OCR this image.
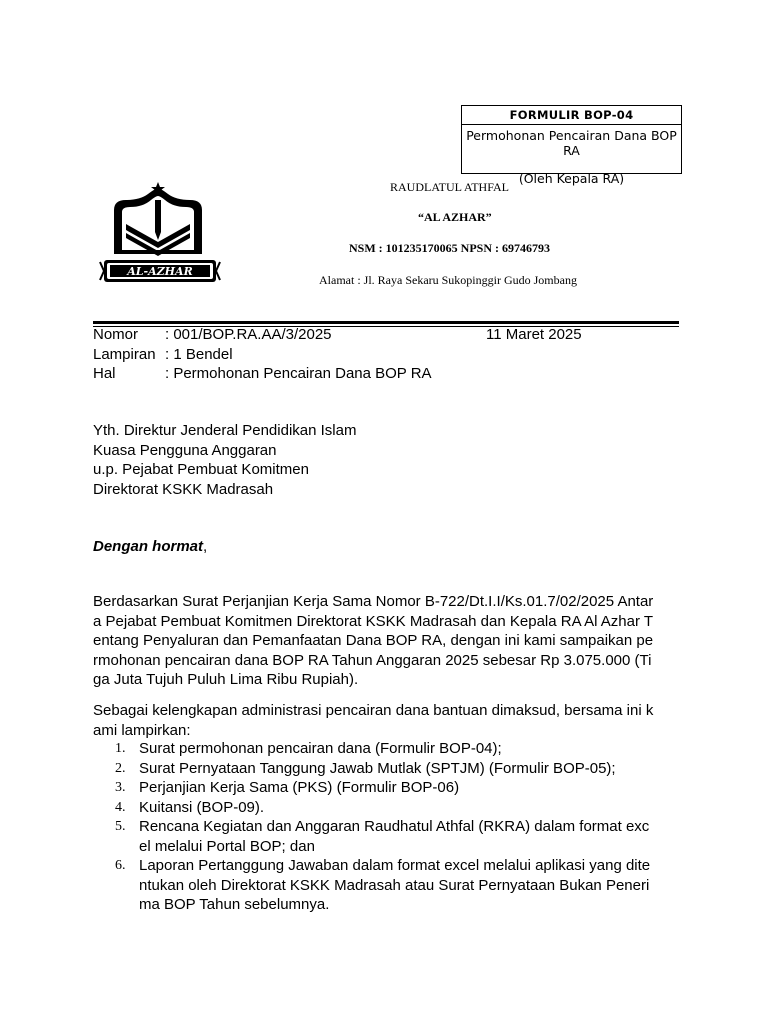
FORMULIR BOP-04
Permohonan Pencairan Dana BOP RA
(Oleh Kepala RA)
AL-AZHAR
RAUDLATUL ATHFAL
“AL AZHAR”
NSM : 101235170065 NPSN : 69746793
Alamat : Jl. Raya Sekaru Sukopinggir Gudo Jombang
Nomor	: 001/BOP.RA.AA/3/2025
Lampiran : 1 Bendel
Hal	: Permohonan Pencairan Dana BOP RA
11 Maret 2025
Yth. Direktur Jenderal Pendidikan Islam
Kuasa Pengguna Anggaran
u.p. Pejabat Pembuat Komitmen
Direktorat KSKK Madrasah
Dengan hormat,
Berdasarkan Surat Perjanjian Kerja Sama Nomor B-722/Dt.I.I/Ks.01.7/02/2025 Antar
a Pejabat Pembuat Komitmen Direktorat KSKK Madrasah dan Kepala RA Al Azhar T
entang Penyaluran dan Pemanfaatan Dana BOP RA, dengan ini kami sampaikan pe
rmohonan pencairan dana BOP RA Tahun Anggaran 2025 sebesar Rp 3.075.000 (Ti
ga Juta Tujuh Puluh Lima Ribu Rupiah).
Sebagai kelengkapan administrasi pencairan dana bantuan dimaksud, bersama ini k
ami lampirkan:
1. Surat permohonan pencairan dana (Formulir BOP-04);
2. Surat Pernyataan Tanggung Jawab Mutlak (SPTJM) (Formulir BOP-05);
3. Perjanjian Kerja Sama (PKS) (Formulir BOP-06)
4. Kuitansi (BOP-09).
5. Rencana Kegiatan dan Anggaran Raudhatul Athfal (RKRA) dalam format exc
el melalui Portal BOP; dan
6. Laporan Pertanggung Jawaban dalam format excel melalui aplikasi yang dite
ntukan oleh Direktorat KSKK Madrasah atau Surat Pernyataan Bukan Peneri
ma BOP Tahun sebelumnya.
